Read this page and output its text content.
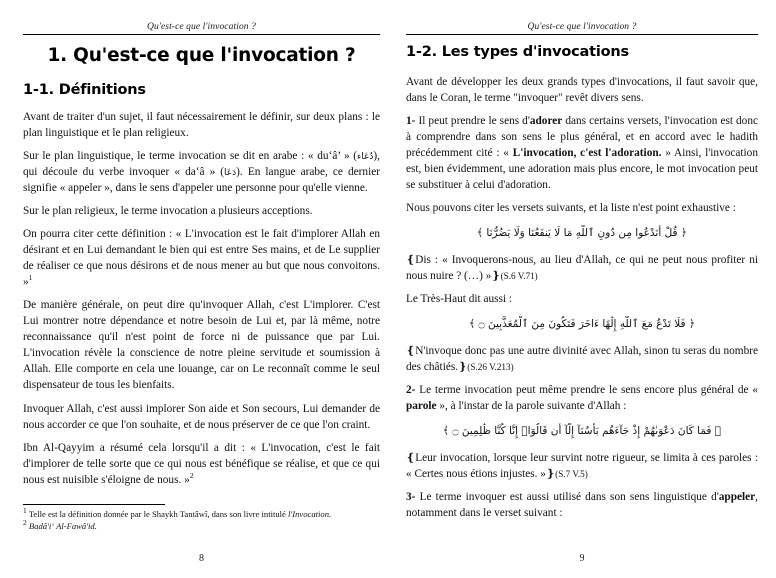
Qu'est-ce que l'invocation ?
1. Qu'est-ce que l'invocation ?
1-1. Définitions

Avant de traiter d'un sujet, il faut nécessairement le définir, sur deux plans : le plan linguistique et le plan religieux.

Sur le plan linguistique, le terme invocation se dit en arabe : « du‘â’ » (دُعَاء), qui découle du verbe invoquer « da‘â » (دَعَا). En langue arabe, ce dernier signifie « appeler », dans le sens d'appeler une personne pour qu'elle vienne.

Sur le plan religieux, le terme invocation a plusieurs acceptions.

On pourra citer cette définition : « L'invocation est le fait d'implorer Allah en désirant et en Lui demandant le bien qui est entre Ses mains, et de Le supplier de réaliser ce que nous désirons et de nous mener au but que nous convoitons. »$^1$

De manière générale, on peut dire qu'invoquer Allah, c'est L'implorer. C'est Lui montrer notre dépendance et notre besoin de Lui et, par là même, notre reconnaissance qu'il n'est point de force ni de puissance que par Lui. L'invocation révèle la conscience de notre pleine servitude et soumission à Allah. Elle comporte en cela une louange, car on Le reconnaît comme le seul dispensateur de tous les bienfaits.

Invoquer Allah, c'est aussi implorer Son aide et Son secours, Lui demander de nous accorder ce que l'on souhaite, et de nous préserver de ce que l'on craint.

Ibn Al-Qayyim a résumé cela lorsqu'il a dit : « L'invocation, c'est le fait d'implorer de telle sorte que ce qui nous est bénéfique se réalise, et que ce qui nous est nuisible s'éloigne de nous. »$^2$

$^1$ Telle est la définition donnée par le Shaykh Tantâwî, dans son livre intitulé l'Invocation.

$^2$ Badâ'i‘ Al-Fawâ'id.

8
Qu'est-ce que l'invocation ?
1-2. Les types d'invocations

Avant de développer les deux grands types d'invocations, il faut savoir que, dans le Coran, le terme "invoquer" revêt divers sens.

1- Il peut prendre le sens d'adorer dans certains versets, l'invocation est donc à comprendre dans son sens le plus général, et en accord avec le hadith précédemment cité : « L'invocation, c'est l'adoration. » Ainsi, l'invocation est, bien évidemment, une adoration mais plus encore, le mot invocation peut se substituer à celui d'adoration.

Nous pouvons citer les versets suivants, et la liste n'est point exhaustive :

﴿ قُلْ أَنَدْعُوا مِن دُونِ ٱللَّهِ مَا لَا يَنفَعُنَا وَلَا يَضُرُّنَا ﴾

❴Dis : « Invoquerons-nous, au lieu d'Allah, ce qui ne peut nous profiter ni nous nuire ? (…) »❵(S.6 V.71)

Le Très-Haut dit aussi :

﴿ فَلَا تَدْعُ مَعَ ٱللَّهِ إِلَٰهًا ءَاخَرَ فَتَكُونَ مِنَ ٱلْمُعَذَّبِينَ ۝ ﴾

❴N'invoque donc pas une autre divinité avec Allah, sinon tu seras du nombre des châtiés.❵(S.26 V.213)

2- Le terme invocation peut même prendre le sens encore plus général de « parole », à l'instar de la parole suivante d'Allah :

﴿ فَمَا كَانَ دَعْوَىٰهُمْ إِذْ جَآءَهُم بَأْسُنَآ إِلَّآ أَن قَالُوٓا۟ إِنَّا كُنَّا ظَٰلِمِينَ ۝ ﴾

❴Leur invocation, lorsque leur survint notre rigueur, se limita à ces paroles : « Certes nous étions injustes. »❵(S.7 V.5)

3- Le terme invoquer est aussi utilisé dans son sens linguistique d'appeler, notamment dans le verset suivant :

9
